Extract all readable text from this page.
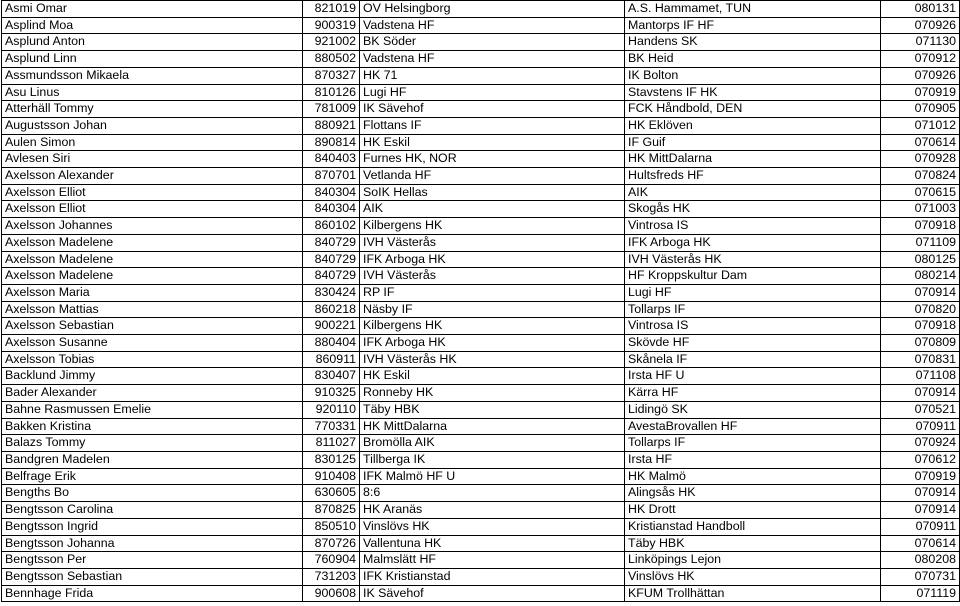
Asmi Omar	821019	OV Helsingborg	A.S. Hammamet, TUN	080131
Asplind Moa	900319	Vadstena HF	Mantorps IF HF	070926
Asplund Anton	921002	BK Söder	Handens SK	071130
Asplund Linn	880502	Vadstena HF	BK Heid	070912
Assmundsson Mikaela	870327	HK 71	IK Bolton	070926
Asu Linus	810126	Lugi HF	Stavstens IF HK	070919
Atterhäll Tommy	781009	IK Sävehof	FCK Håndbold, DEN	070905
Augustsson Johan	880921	Flottans IF	HK Eklöven	071012
Aulen Simon	890814	HK Eskil	IF Guif	070614
Avlesen Siri	840403	Furnes HK, NOR	HK MittDalarna	070928
Axelsson Alexander	870701	Vetlanda HF	Hultsfreds HF	070824
Axelsson Elliot	840304	SoIK Hellas	AIK	070615
Axelsson Elliot	840304	AIK	Skogås HK	071003
Axelsson Johannes	860102	Kilbergens HK	Vintrosa IS	070918
Axelsson Madelene	840729	IVH Västerås	IFK Arboga HK	071109
Axelsson Madelene	840729	IFK Arboga HK	IVH Västerås HK	080125
Axelsson Madelene	840729	IVH Västerås	HF Kroppskultur Dam	080214
Axelsson Maria	830424	RP IF	Lugi HF	070914
Axelsson Mattias	860218	Näsby IF	Tollarps IF	070820
Axelsson Sebastian	900221	Kilbergens HK	Vintrosa IS	070918
Axelsson Susanne	880404	IFK Arboga HK	Skövde HF	070809
Axelsson Tobias	860911	IVH Västerås HK	Skånela IF	070831
Backlund Jimmy	830407	HK Eskil	Irsta HF U	071108
Bader Alexander	910325	Ronneby HK	Kärra HF	070914
Bahne Rasmussen Emelie	920110	Täby HBK	Lidingö SK	070521
Bakken Kristina	770331	HK MittDalarna	AvestaBrovallen HF	070911
Balazs Tommy	811027	Bromölla AIK	Tollarps IF	070924
Bandgren Madelen	830125	Tillberga IK	Irsta HF	070612
Belfrage Erik	910408	IFK Malmö HF U	HK Malmö	070919
Bengths Bo	630605	8:6	Alingsås HK	070914
Bengtsson Carolina	870825	HK Aranäs	HK Drott	070914
Bengtsson Ingrid	850510	Vinslövs HK	Kristianstad Handboll	070911
Bengtsson Johanna	870726	Vallentuna HK	Täby HBK	070614
Bengtsson Per	760904	Malmslätt HF	Linköpings Lejon	080208
Bengtsson Sebastian	731203	IFK Kristianstad	Vinslövs HK	070731
Bennhage Frida	900608	IK Sävehof	KFUM Trollhättan	071119
